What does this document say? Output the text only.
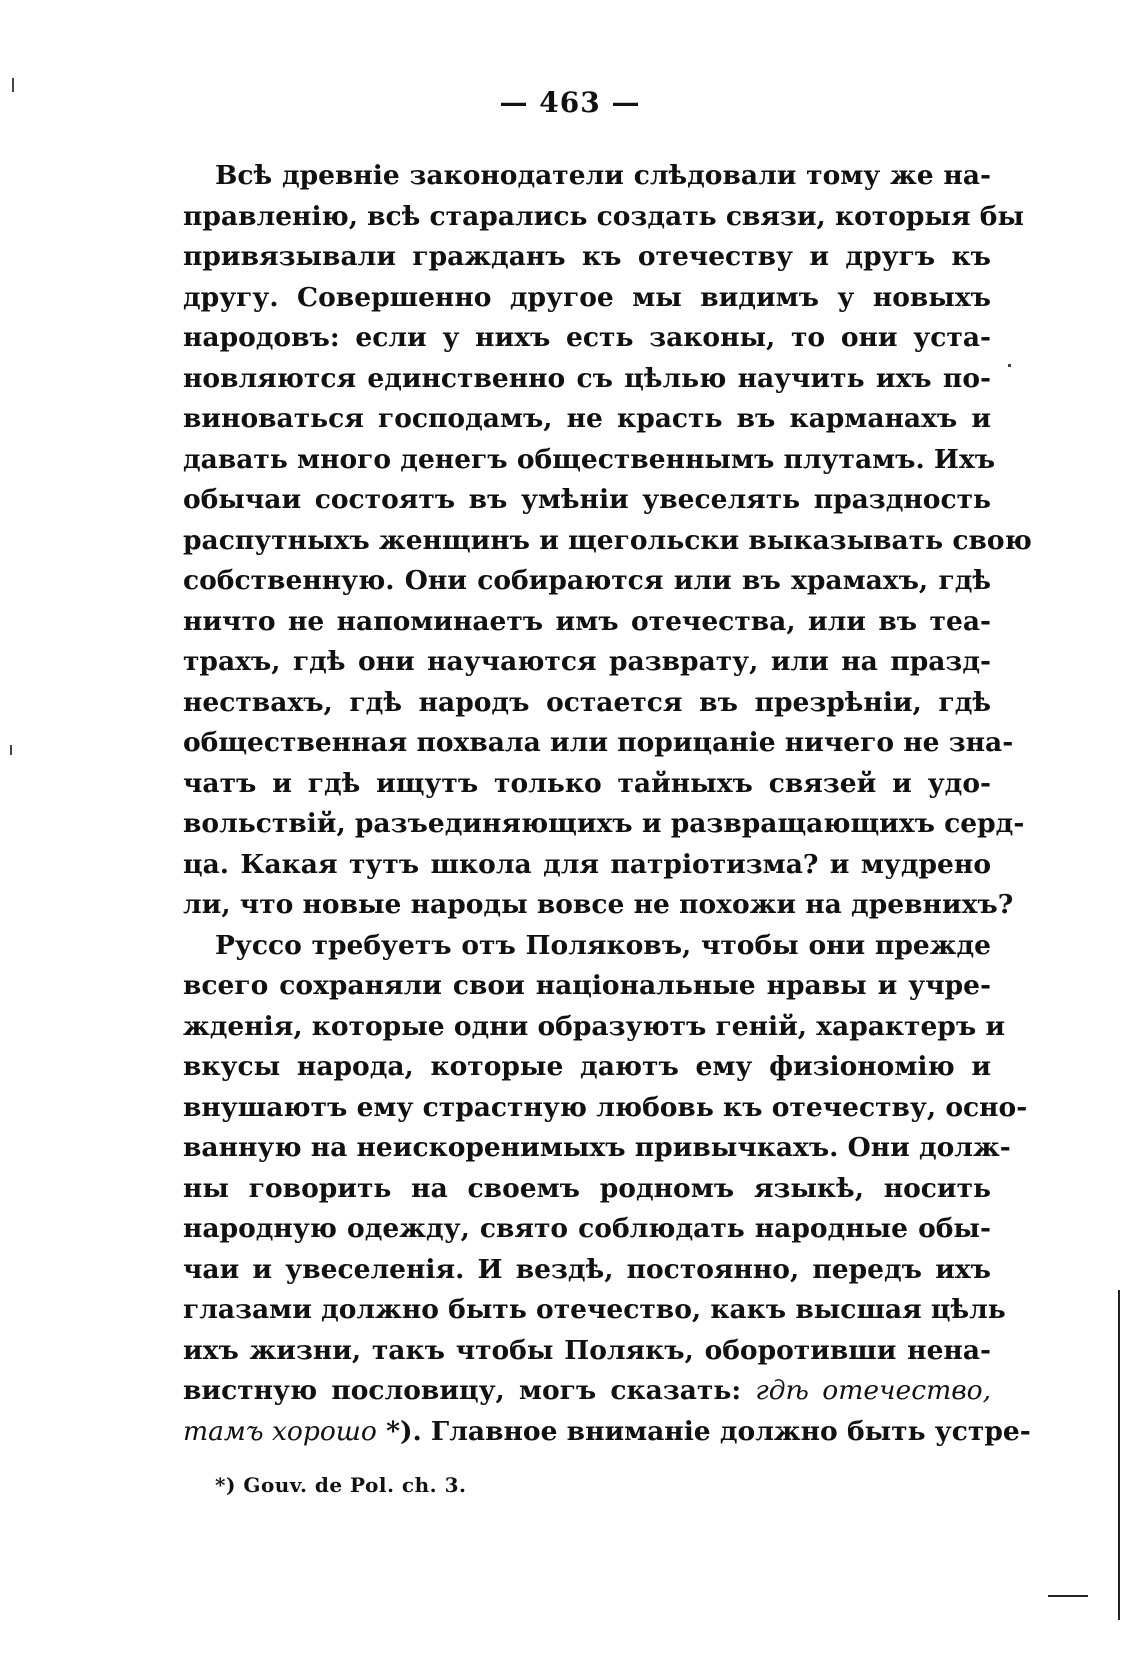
— 463 —
Всѣ древніе законодатели слѣдовали тому же на-
правленію, всѣ старались создать связи, которыя бы
привязывали гражданъ къ отечеству и другъ къ
другу. Совершенно другое мы видимъ у новыхъ
народовъ: если у нихъ есть законы, то они уста-
новляются единственно съ цѣлью научить ихъ по-
виноваться господамъ, не красть въ карманахъ и
давать много денегъ общественнымъ плутамъ. Ихъ
обычаи состоятъ въ умѣніи увеселять праздность
распутныхъ женщинъ и щегольски выказывать свою
собственную. Они собираются или въ храмахъ, гдѣ
ничто не напоминаетъ имъ отечества, или въ теа-
трахъ, гдѣ они научаются разврату, или на празд-
нествахъ, гдѣ народъ остается въ презрѣніи, гдѣ
общественная похвала или порицаніе ничего не зна-
чатъ и гдѣ ищутъ только тайныхъ связей и удо-
вольствій, разъединяющихъ и развращающихъ серд-
ца. Какая тутъ школа для патріотизма? и мудрено
ли, что новые народы вовсе не похожи на древнихъ?
Руссо требуетъ отъ Поляковъ, чтобы они прежде
всего сохраняли свои національные нравы и учре-
жденія, которые одни образуютъ геній, характеръ и
вкусы народа, которые даютъ ему физіономію и
внушаютъ ему страстную любовь къ отечеству, осно-
ванную на неискоренимыхъ привычкахъ. Они долж-
ны говорить на своемъ родномъ языкѣ, носить
народную одежду, свято соблюдать народные обы-
чаи и увеселенія. И вездѣ, постоянно, передъ ихъ
глазами должно быть отечество, какъ высшая цѣль
ихъ жизни, такъ чтобы Полякъ, оборотивши нена-
вистную пословицу, могъ сказать: гдѣ отечество,
тамъ хорошо *). Главное вниманіе должно быть устре-
*) Gouv. de Pol. ch. 3.
